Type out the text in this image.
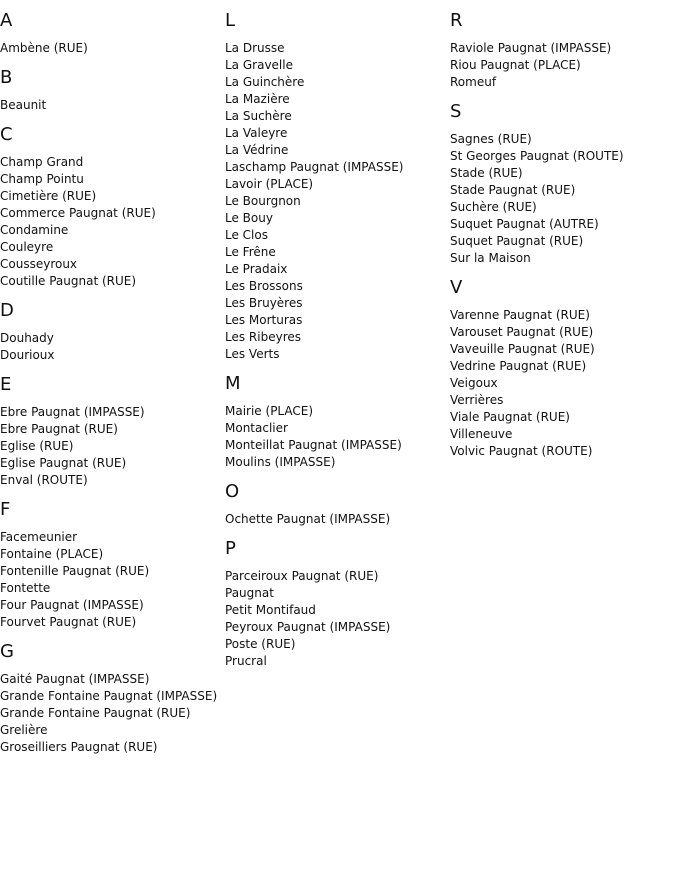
A
Ambène (RUE)
B
Beaunit
C
Champ Grand
Champ Pointu
Cimetière (RUE)
Commerce Paugnat (RUE)
Condamine
Couleyre
Cousseyroux
Coutille Paugnat (RUE)
D
Douhady
Dourioux
E
Ebre Paugnat (IMPASSE)
Ebre Paugnat (RUE)
Eglise (RUE)
Eglise Paugnat (RUE)
Enval (ROUTE)
F
Facemeunier
Fontaine (PLACE)
Fontenille Paugnat (RUE)
Fontette
Four Paugnat (IMPASSE)
Fourvet Paugnat (RUE)
G
Gaité Paugnat (IMPASSE)
Grande Fontaine Paugnat (IMPASSE)
Grande Fontaine Paugnat (RUE)
Grelière
Groseilliers Paugnat (RUE)
L
La Drusse
La Gravelle
La Guinchère
La Mazière
La Suchère
La Valeyre
La Védrine
Laschamp Paugnat (IMPASSE)
Lavoir (PLACE)
Le Bourgnon
Le Bouy
Le Clos
Le Frêne
Le Pradaix
Les Brossons
Les Bruyères
Les Morturas
Les Ribeyres
Les Verts
M
Mairie (PLACE)
Montaclier
Monteillat Paugnat (IMPASSE)
Moulins (IMPASSE)
O
Ochette Paugnat (IMPASSE)
P
Parceiroux Paugnat (RUE)
Paugnat
Petit Montifaud
Peyroux Paugnat (IMPASSE)
Poste (RUE)
Prucral
R
Raviole Paugnat (IMPASSE)
Riou Paugnat (PLACE)
Romeuf
S
Sagnes (RUE)
St Georges Paugnat (ROUTE)
Stade (RUE)
Stade Paugnat (RUE)
Suchère (RUE)
Suquet Paugnat (AUTRE)
Suquet Paugnat (RUE)
Sur la Maison
V
Varenne Paugnat (RUE)
Varouset Paugnat (RUE)
Vaveuille Paugnat (RUE)
Vedrine Paugnat (RUE)
Veigoux
Verrières
Viale Paugnat (RUE)
Villeneuve
Volvic Paugnat (ROUTE)
